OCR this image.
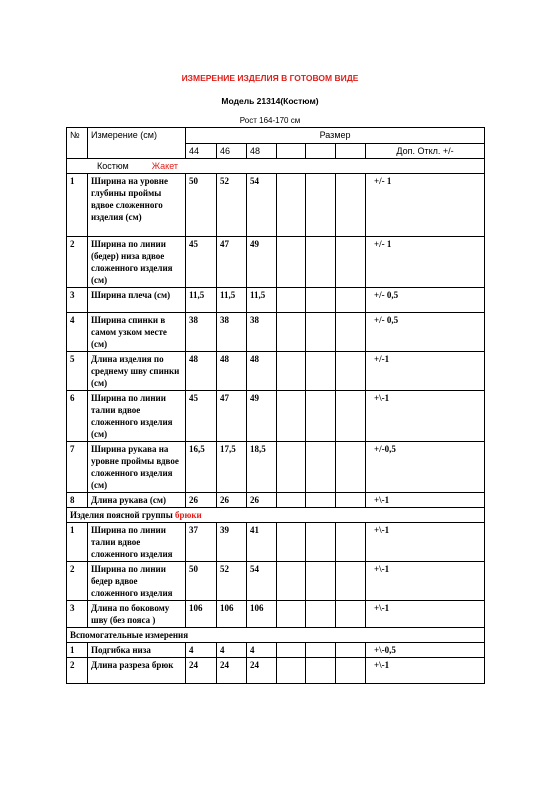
ИЗМЕРЕНИЕ ИЗДЕЛИЯ В ГОТОВОМ ВИДЕ
Модель 21314(Костюм)
Рост 164-170 см
№	Измерение (см)	Размер						
		44	46	48				Доп. Откл. +/-
Костюм Жакет								
1	Ширина на уровне глубины проймы вдвое сложенного изделия (см)	50	52	54				+/- 1
2	Ширина по линии (бедер) низа вдвое сложенного изделия (см)	45	47	49				+/- 1
3	Ширина плеча (см)	11,5	11,5	11,5				+/- 0,5
4	Ширина спинки в самом узком месте (см)	38	38	38				+/- 0,5
5	Длина изделия по среднему шву спинки (см)	48	48	48				+/-1
6	Ширина по линии талии вдвое сложенного изделия (см)	45	47	49				+\-1
7	Ширина рукава на уровне проймы вдвое сложенного изделия (см)	16,5	17,5	18,5				+/-0,5
8	Длина рукава (см)	26	26	26				+\-1
Изделия поясной группы брюки								
1	Ширина по линии талии вдвое сложенного изделия	37	39	41				+\-1
2	Ширина по линии бедер вдвое сложенного изделия	50	52	54				+\-1
3	Длина по боковому шву (без пояса )	106	106	106				+\-1
Вспомогательные измерения								
1	Подгибка низа	4	4	4				+\-0,5
2	Длина разреза брюк	24	24	24				+\-1
